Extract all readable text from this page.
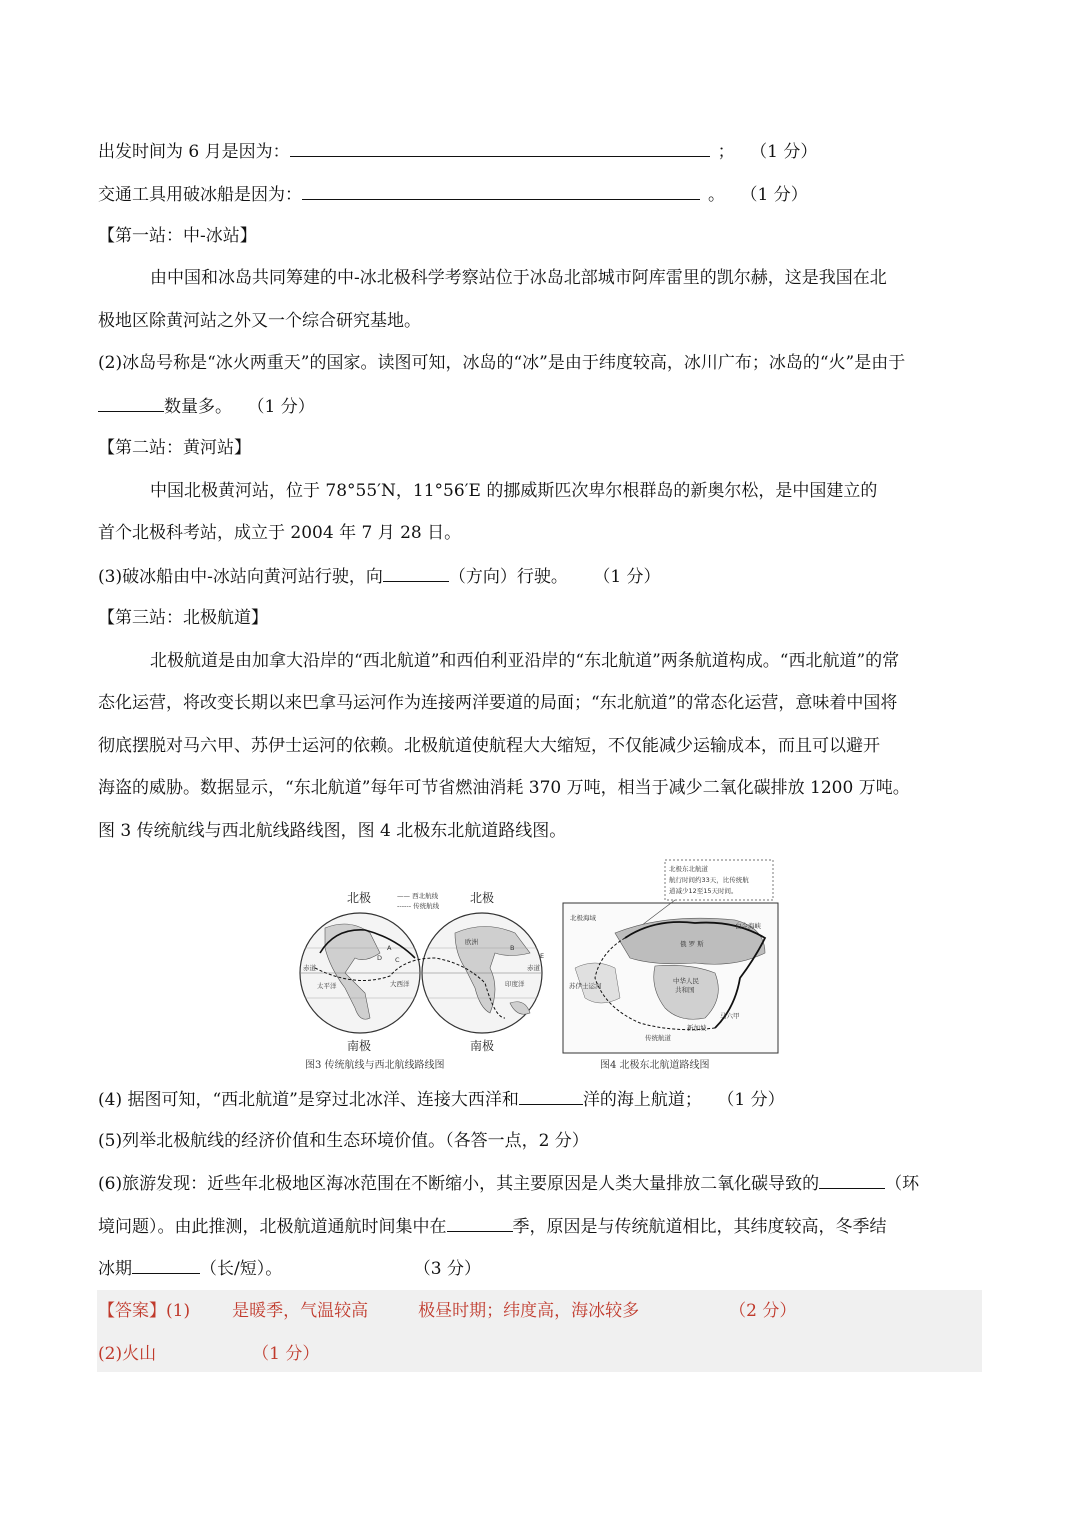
出发时间为 6 月是因为：	； （1 分）
交通工具用破冰船是因为：	。 （1 分）
【第一站：中-冰站】
由中国和冰岛共同筹建的中-冰北极科学考察站位于冰岛北部城市阿库雷里的凯尔赫，这是我国在北
极地区除黄河站之外又一个综合研究基地。
(2)冰岛号称是“冰火两重天”的国家。读图可知，冰岛的“冰”是由于纬度较高，冰川广布；冰岛的“火”是由于
数量多。 （1 分）
【第二站：黄河站】
中国北极黄河站，位于 78°55′N，11°56′E 的挪威斯匹次卑尔根群岛的新奥尔松，是中国建立的
首个北极科考站，成立于 2004 年 7 月 28 日。
(3)破冰船由中-冰站向黄河站行驶，向	（方向）行驶。 （1 分）
【第三站：北极航道】
北极航道是由加拿大沿岸的“西北航道”和西伯利亚沿岸的“东北航道”两条航道构成。“西北航道”的常
态化运营，将改变长期以来巴拿马运河作为连接两洋要道的局面；“东北航道”的常态化运营，意味着中国将
彻底摆脱对马六甲、苏伊士运河的依赖。北极航道使航程大大缩短，不仅能减少运输成本，而且可以避开
海盗的威胁。数据显示，“东北航道”每年可节省燃油消耗 370 万吨，相当于减少二氧化碳排放 1200 万吨。
图 3 传统航线与西北航线路线图，图 4 北极东北航道路线图。
北极	北极
南极	南极
—— 西北航线
------ 传统航线
赤道	赤道
太平洋	大西洋	印度洋
欧洲
A	B
C
D	E
图3 传统航线与西北航线路线图
北极东北航道
航行时间约33天，比传统航
道减少12至15天时间。
北极海域
白令海峡
俄 罗 斯
中华人民
共和国
苏伊士运河
传统航道
马六甲
新加坡
图4 北极东北航道路线图
(4) 据图可知，“西北航道”是穿过北冰洋、连接大西洋和	洋的海上航道； （1 分）
(5)列举北极航线的经济价值和生态环境价值。（各答一点，2 分）
(6)旅游发现：近些年北极地区海冰范围在不断缩小，其主要原因是人类大量排放二氧化碳导致的	（环
境问题）。由此推测，北极航道通航时间集中在	季，原因是与传统航道相比，其纬度较高，冬季结
冰期	（长/短）。	（3 分）
【答案】(1) 是暖季，气温较高	极昼时期；纬度高，海冰较多	（2 分）
(2)火山	（1 分）
